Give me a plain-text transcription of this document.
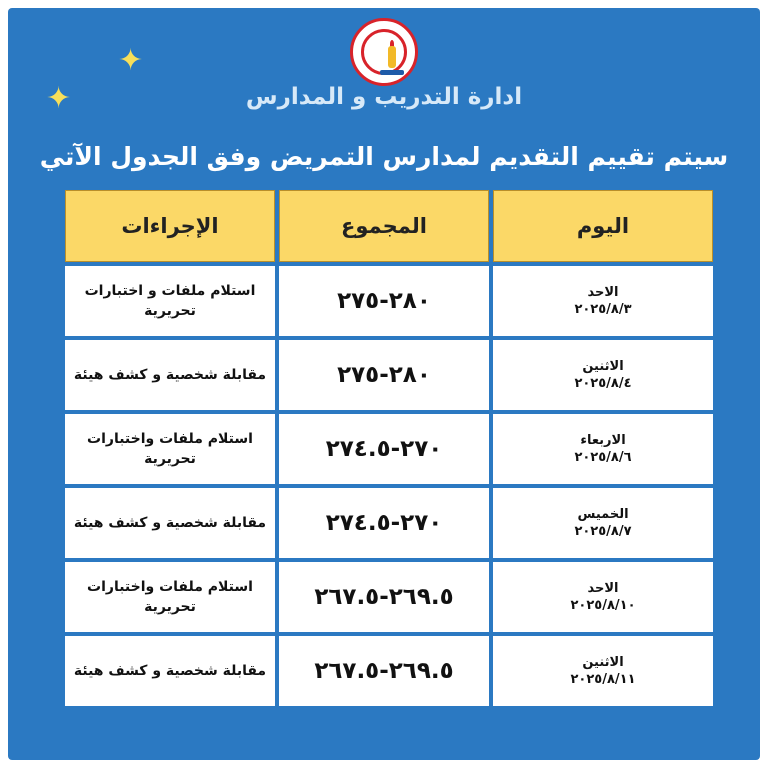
✦
✦	ادارة التدريب و المدارس
سيتم تقييم التقديم لمدارس التمريض وفق الجدول الآتي
اليوم	المجموع	الإجراءات

الاحد
٢٠٢٥/٨/٣	٢٨٠-٢٧٥	استلام ملفات و اختبارات تحريرية

الاثنين
٢٠٢٥/٨/٤	٢٨٠-٢٧٥	مقابلة شخصية و كشف هيئة

الاربعاء
٢٠٢٥/٨/٦	٢٧٠-٢٧٤.٥	استلام ملفات واختبارات تحريرية

الخميس
٢٠٢٥/٨/٧	٢٧٠-٢٧٤.٥	مقابلة شخصية و كشف هيئة

الاحد
٢٠٢٥/٨/١٠	٢٦٩.٥-٢٦٧.٥	استلام ملفات واختبارات تحريرية

الاثنين
٢٠٢٥/٨/١١	٢٦٩.٥-٢٦٧.٥	مقابلة شخصية و كشف هيئة
